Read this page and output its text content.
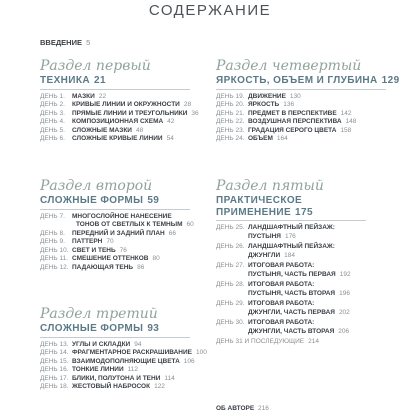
СОДЕРЖАНИЕ
ВВЕДЕНИЕ 5
Раздел первый
ТЕХНИКА 21
ДЕНЬ 1.	МАЗКИ 22
ДЕНЬ 2.	КРИВЫЕ ЛИНИИ И ОКРУЖНОСТИ 28
ДЕНЬ 3.	ПРЯМЫЕ ЛИНИИ И ТРЕУГОЛЬНИКИ 36
ДЕНЬ 4.	КОМПОЗИЦИОННАЯ СХЕМА 42
ДЕНЬ 5.	СЛОЖНЫЕ МАЗКИ 48
ДЕНЬ 6.	СЛОЖНЫЕ КРИВЫЕ ЛИНИИ 54
Раздел второй
СЛОЖНЫЕ ФОРМЫ 59
ДЕНЬ 7.	МНОГОСЛОЙНОЕ НАНЕСЕНИЕ
ТОНОВ ОТ СВЕТЛЫХ К ТЕМНЫМ 60
ДЕНЬ 8.	ПЕРЕДНИЙ И ЗАДНИЙ ПЛАН 66
ДЕНЬ 9.	ПАТТЕРН 70
ДЕНЬ 10. СВЕТ И ТЕНЬ 76
ДЕНЬ 11. СМЕШЕНИЕ ОТТЕНКОВ 80
ДЕНЬ 12. ПАДАЮЩАЯ ТЕНЬ 86
Раздел третий
СЛОЖНЫЕ ФОРМЫ 93
ДЕНЬ 13. УГЛЫ И СКЛАДКИ 94
ДЕНЬ 14. ФРАГМЕНТАРНОЕ РАСКРАШИВАНИЕ 100
ДЕНЬ 15. ВЗАИМОДОПОЛНЯЮЩИЕ ЦВЕТА 106
ДЕНЬ 16. ТОНКИЕ ЛИНИИ 112
ДЕНЬ 17. БЛИКИ, ПОЛУТОНА И ТЕНИ 114
ДЕНЬ 18. ЖЕСТОВЫЙ НАБРОСОК 122
Раздел четвертый
ЯРКОСТЬ, ОБЪЕМ И ГЛУБИНА 129
ДЕНЬ 19. ДВИЖЕНИЕ 130
ДЕНЬ 20. ЯРКОСТЬ 136
ДЕНЬ 21. ПРЕДМЕТ В ПЕРСПЕКТИВЕ 142
ДЕНЬ 22. ВОЗДУШНАЯ ПЕРСПЕКТИВА 148
ДЕНЬ 23. ГРАДАЦИЯ СЕРОГО ЦВЕТА 158
ДЕНЬ 24. ОБЪЕМ 164
Раздел пятый
ПРАКТИЧЕСКОЕ
ПРИМЕНЕНИЕ 175
ДЕНЬ 25. ЛАНДШАФТНЫЙ ПЕЙЗАЖ:
ПУСТЫНЯ 176
ДЕНЬ 26. ЛАНДШАФТНЫЙ ПЕЙЗАЖ:
ДЖУНГЛИ 184
ДЕНЬ 27. ИТОГОВАЯ РАБОТА:
ПУСТЫНЯ, ЧАСТЬ ПЕРВАЯ 192
ДЕНЬ 28. ИТОГОВАЯ РАБОТА:
ПУСТЫНЯ, ЧАСТЬ ВТОРАЯ 196
ДЕНЬ 29. ИТОГОВАЯ РАБОТА:
ДЖУНГЛИ, ЧАСТЬ ПЕРВАЯ 202
ДЕНЬ 30. ИТОГОВАЯ РАБОТА:
ДЖУНГЛИ, ЧАСТЬ ВТОРАЯ 206
ДЕНЬ 31 И ПОСЛЕДУЮЩИЕ 214
ОБ АВТОРЕ 216
